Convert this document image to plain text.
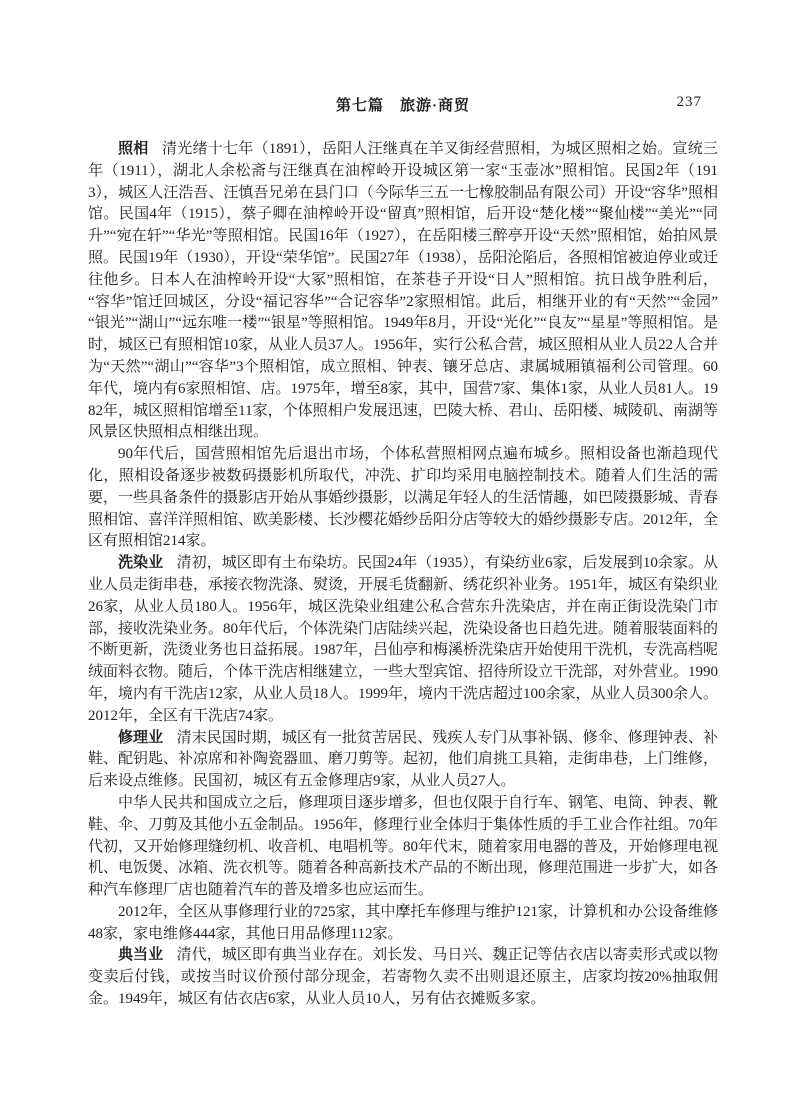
第七篇　旅游·商贸	237

照相 清光绪十七年（1891），岳阳人汪继真在羊叉街经营照相，为城区照相之始。宣统三年（1911），湖北人余松斋与汪继真在油榨岭开设城区第一家“玉壶冰”照相馆。民国2年（1913），城区人汪浩吾、汪慎吾兄弟在县门口（今际华三五一七橡胶制品有限公司）开设“容华”照相馆。民国4年（1915），蔡子卿在油榨岭开设“留真”照相馆，后开设“楚化楼”“聚仙楼”“美光”“同升”“宛在轩”“华光”等照相馆。民国16年（1927），在岳阳楼三醉亭开设“天然”照相馆，始拍风景照。民国19年（1930），开设“荣华馆”。民国27年（1938），岳阳沦陷后，各照相馆被迫停业或迁往他乡。日本人在油榨岭开设“大冢”照相馆，在茶巷子开设“日人”照相馆。抗日战争胜利后，“容华”馆迁回城区，分设“福记容华”“合记容华”2家照相馆。此后，相继开业的有“天然”“金园”“银光”“湖山”“远东唯一楼”“银星”等照相馆。1949年8月，开设“光化”“良友”“星星”等照相馆。是时，城区已有照相馆10家，从业人员37人。1956年，实行公私合营，城区照相从业人员22人合并为“天然”“湖山”“容华”3个照相馆，成立照相、钟表、镶牙总店、隶属城厢镇福利公司管理。60年代，境内有6家照相馆、店。1975年，增至8家，其中，国营7家、集体1家，从业人员81人。1982年，城区照相馆增至11家，个体照相户发展迅速，巴陵大桥、君山、岳阳楼、城陵矶、南湖等风景区快照相点相继出现。

90年代后，国营照相馆先后退出市场，个体私营照相网点遍布城乡。照相设备也渐趋现代化，照相设备逐步被数码摄影机所取代，冲洗、扩印均采用电脑控制技术。随着人们生活的需要，一些具备条件的摄影店开始从事婚纱摄影，以满足年轻人的生活情趣，如巴陵摄影城、青春照相馆、喜洋洋照相馆、欧美影楼、长沙樱花婚纱岳阳分店等较大的婚纱摄影专店。2012年，全区有照相馆214家。

洗染业 清初，城区即有土布染坊。民国24年（1935），有染纺业6家，后发展到10余家。从业人员走街串巷，承接衣物洗涤、熨烫，开展毛货翻新、绣花织补业务。1951年，城区有染织业26家，从业人员180人。1956年，城区洗染业组建公私合营东升洗染店，并在南正街设洗染门市部，接收洗染业务。80年代后，个体洗染门店陆续兴起，洗染设备也日趋先进。随着服装面料的不断更新，洗烫业务也日益拓展。1987年，吕仙亭和梅溪桥洗染店开始使用干洗机，专洗高档呢绒面料衣物。随后，个体干洗店相继建立，一些大型宾馆、招待所设立干洗部，对外营业。1990年，境内有干洗店12家，从业人员18人。1999年，境内干洗店超过100余家，从业人员300余人。2012年，全区有干洗店74家。

修理业 清末民国时期，城区有一批贫苦居民、残疾人专门从事补锅、修伞、修理钟表、补鞋、配钥匙、补凉席和补陶瓷器皿、磨刀剪等。起初，他们肩挑工具箱，走街串巷，上门维修，后来设点维修。民国初，城区有五金修理店9家，从业人员27人。

中华人民共和国成立之后，修理项目逐步增多，但也仅限于自行车、钢笔、电筒、钟表、靴鞋、伞、刀剪及其他小五金制品。1956年，修理行业全体归于集体性质的手工业合作社组。70年代初，又开始修理缝纫机、收音机、电唱机等。80年代末，随着家用电器的普及，开始修理电视机、电饭煲、冰箱、洗衣机等。随着各种高新技术产品的不断出现，修理范围进一步扩大，如各种汽车修理厂店也随着汽车的普及增多也应运而生。

2012年，全区从事修理行业的725家，其中摩托车修理与维护121家，计算机和办公设备维修48家，家电维修444家，其他日用品修理112家。

典当业 清代，城区即有典当业存在。刘长发、马日兴、魏正记等估衣店以寄卖形式或以物变卖后付钱，或按当时议价预付部分现金，若寄物久卖不出则退还原主，店家均按20%抽取佣金。1949年，城区有估衣店6家，从业人员10人，另有估衣摊贩多家。
